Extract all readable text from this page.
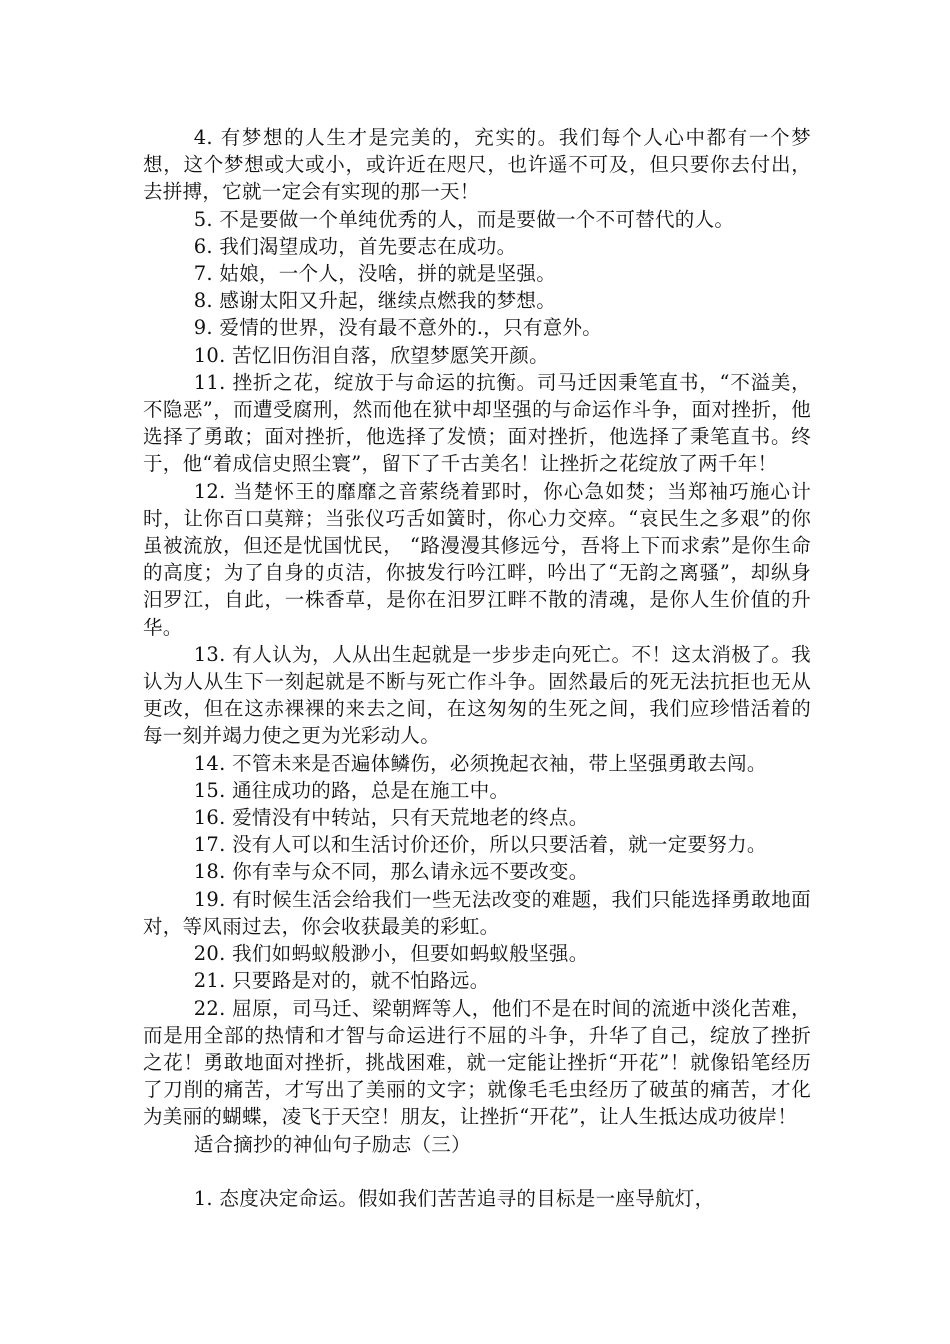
4. 有梦想的人生才是完美的，充实的。我们每个人心中都有一个梦想，这个梦想或大或小，或许近在咫尺，也许遥不可及，但只要你去付出，去拼搏，它就一定会有实现的那一天！

5. 不是要做一个单纯优秀的人，而是要做一个不可替代的人。

6. 我们渴望成功，首先要志在成功。

7. 姑娘，一个人，没啥，拼的就是坚强。

8. 感谢太阳又升起，继续点燃我的梦想。

9. 爱情的世界，没有最不意外的.，只有意外。

10. 苦忆旧伤泪自落，欣望梦愿笑开颜。

11. 挫折之花，绽放于与命运的抗衡。司马迁因秉笔直书，“不溢美，不隐恶”，而遭受腐刑，然而他在狱中却坚强的与命运作斗争，面对挫折，他选择了勇敢；面对挫折，他选择了发愤；面对挫折，他选择了秉笔直书。终于，他“着成信史照尘寰”，留下了千古美名！让挫折之花绽放了两千年！

12. 当楚怀王的靡靡之音萦绕着郢时，你心急如焚；当郑袖巧施心计时，让你百口莫辩；当张仪巧舌如簧时，你心力交瘁。“哀民生之多艰”的你虽被流放，但还是忧国忧民， “路漫漫其修远兮，吾将上下而求索”是你生命的高度；为了自身的贞洁，你披发行吟江畔，吟出了“无韵之离骚”，却纵身汨罗江，自此，一株香草，是你在汨罗江畔不散的清魂，是你人生价值的升华。

13. 有人认为，人从出生起就是一步步走向死亡。不！这太消极了。我认为人从生下一刻起就是不断与死亡作斗争。固然最后的死无法抗拒也无从更改，但在这赤裸裸的来去之间，在这匆匆的生死之间，我们应珍惜活着的每一刻并竭力使之更为光彩动人。

14. 不管未来是否遍体鳞伤，必须挽起衣袖，带上坚强勇敢去闯。

15. 通往成功的路，总是在施工中。

16. 爱情没有中转站，只有天荒地老的终点。

17. 没有人可以和生活讨价还价，所以只要活着，就一定要努力。

18. 你有幸与众不同，那么请永远不要改变。

19. 有时候生活会给我们一些无法改变的难题，我们只能选择勇敢地面对，等风雨过去，你会收获最美的彩虹。

20. 我们如蚂蚁般渺小，但要如蚂蚁般坚强。

21. 只要路是对的，就不怕路远。

22. 屈原，司马迁、梁朝辉等人，他们不是在时间的流逝中淡化苦难，而是用全部的热情和才智与命运进行不屈的斗争，升华了自己，绽放了挫折之花！勇敢地面对挫折，挑战困难，就一定能让挫折“开花”！就像铅笔经历了刀削的痛苦，才写出了美丽的文字；就像毛毛虫经历了破茧的痛苦，才化为美丽的蝴蝶，凌飞于天空！朋友，让挫折“开花”，让人生抵达成功彼岸！

适合摘抄的神仙句子励志（三）

1. 态度决定命运。假如我们苦苦追寻的目标是一座导航灯，
